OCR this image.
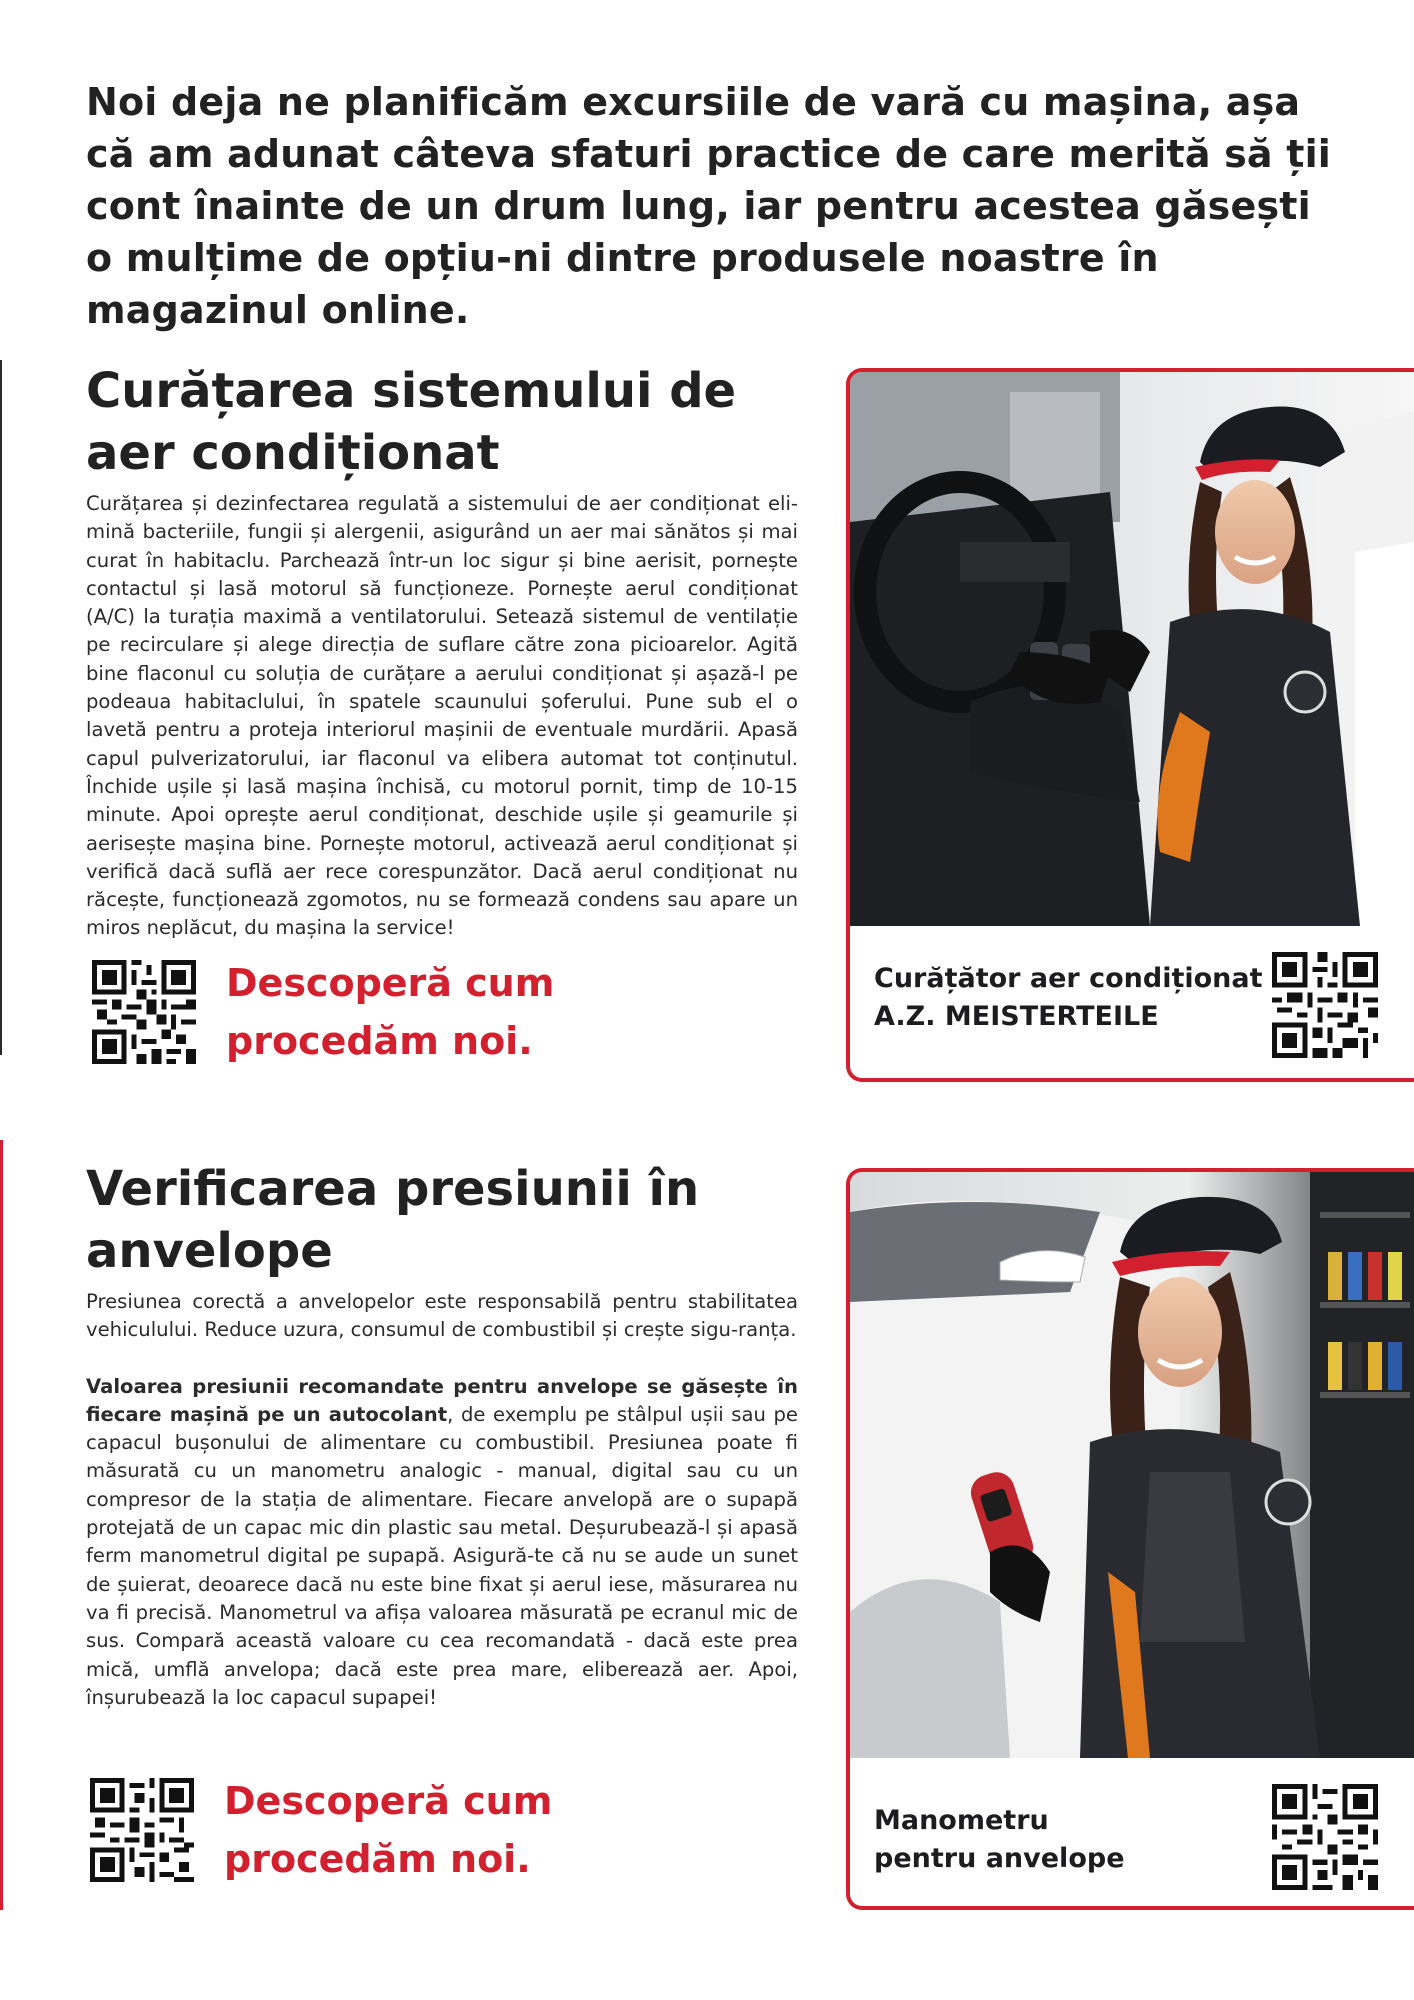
Noi deja ne planificăm excursiile de vară cu mașina, așa că am adunat câteva sfaturi practice de care merită să ții cont înainte de un drum lung, iar pentru acestea găsești o mulțime de opțiu-ni dintre produsele noastre în magazinul online.
Curățarea sistemului de aer condiționat

Curățarea și dezinfectarea regulată a sistemului de aer condiționat eli-mină bacteriile, fungii și alergenii, asigurând un aer mai sănătos și mai curat în habitaclu. Parchează într-un loc sigur și bine aerisit, pornește contactul și lasă motorul să funcționeze. Pornește aerul condiționat (A/C) la turația maximă a ventilatorului. Setează sistemul de ventilație pe recirculare și alege direcția de suflare către zona picioarelor. Agită bine flaconul cu soluția de curățare a aerului condiționat și așază-l pe podeaua habitaclului, în spatele scaunului șoferului. Pune sub el o lavetă pentru a proteja interiorul mașinii de eventuale murdării. Apasă capul pulverizatorului, iar flaconul va elibera automat tot conținutul. Închide ușile și lasă mașina închisă, cu motorul pornit, timp de 10-15 minute. Apoi oprește aerul condiționat, deschide ușile și geamurile și aerisește mașina bine. Pornește motorul, activează aerul condiționat și verifică dacă suflă aer rece corespunzător. Dacă aerul condiționat nu răcește, funcționează zgomotos, nu se formează condens sau apare un miros neplăcut, du mașina la service!

Descoperă cum
procedăm noi.
Curățător aer condiționat
A.Z. MEISTERTEILE
Verificarea presiunii în anvelope

Presiunea corectă a anvelopelor este responsabilă pentru stabilitatea vehiculului. Reduce uzura, consumul de combustibil și crește sigu-ranța.

Valoarea presiunii recomandate pentru anvelope se găsește în fiecare mașină pe un autocolant, de exemplu pe stâlpul ușii sau pe capacul bușonului de alimentare cu combustibil. Presiunea poate fi măsurată cu un manometru analogic - manual, digital sau cu un compresor de la stația de alimentare. Fiecare anvelopă are o supapă protejată de un capac mic din plastic sau metal. Deșurubează-l și apasă ferm manometrul digital pe supapă. Asigură-te că nu se aude un sunet de șuierat, deoarece dacă nu este bine fixat și aerul iese, măsurarea nu va fi precisă. Manometrul va afișa valoarea măsurată pe ecranul mic de sus. Compară această valoare cu cea recomandată - dacă este prea mică, umflă anvelopa; dacă este prea mare, eliberează aer. Apoi, înșurubează la loc capacul supapei!

Descoperă cum
procedăm noi.
Manometru
pentru anvelope
